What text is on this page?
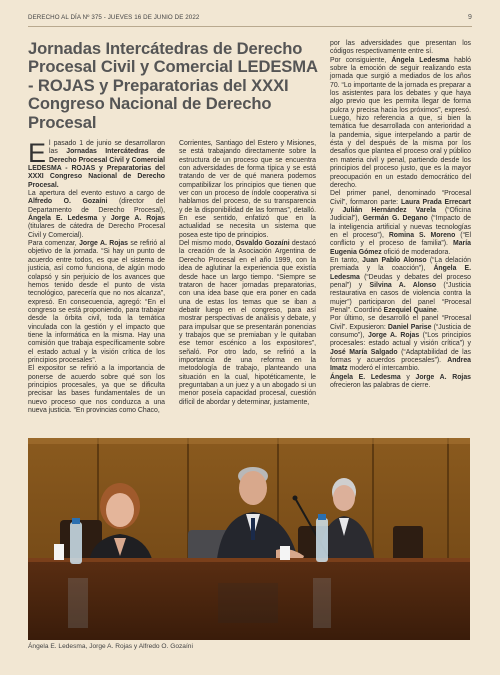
DERECHO AL DÍA Nº 375 - JUEVES 16 DE JUNIO DE 2022	9
Jornadas Intercátedras de Derecho Procesal Civil y Comercial LEDESMA - ROJAS y Preparatorias del XXXI Congreso Nacional de Derecho Procesal

El pasado 1 de junio se desarrollaron las Jornadas Intercátedras de Derecho Procesal Civil y Comercial LEDESMA - ROJAS y Preparatorias del XXXI Congreso Nacional de Derecho Procesal.

La apertura del evento estuvo a cargo de Alfredo O. Gozaíni (director del Departamento de Derecho Procesal), Ángela E. Ledesma y Jorge A. Rojas (titulares de cátedra de Derecho Procesal Civil y Comercial).

Para comenzar, Jorge A. Rojas se refirió al objetivo de la jornada. “Si hay un punto de acuerdo entre todos, es que el sistema de justicia, así como funciona, de algún modo colapsó y sin perjuicio de los avances que hemos tenido desde el punto de vista tecnológico, parecería que no nos alcanza”, expresó. En consecuencia, agregó: “En el congreso se está proponiendo, para trabajar desde la órbita civil, toda la temática vinculada con la gestión y el impacto que tiene la informática en la misma. Hay una comisión que trabaja específicamente sobre el estado actual y la visión crítica de los principios procesales”.

El expositor se refirió a la importancia de ponerse de acuerdo sobre qué son los principios procesales, ya que se dificulta precisar las bases fundamentales de un nuevo proceso que nos conduzca a una nueva justicia. “En provincias como Chaco,

Corrientes, Santiago del Estero y Misiones, se está trabajando directamente sobre la estructura de un proceso que se encuentra con adversidades de forma típica y se está tratando de ver de qué manera podemos compatibilizar los principios que tienen que ver con un proceso de índole cooperativa si hablamos del proceso, de su transparencia y de la disponibilidad de las formas”, detalló. En ese sentido, enfatizó que en la actualidad se necesita un sistema que posea este tipo de principios.

Del mismo modo, Osvaldo Gozaíni destacó la creación de la Asociación Argentina de Derecho Procesal en el año 1999, con la idea de aglutinar la experiencia que existía desde hace un largo tiempo. “Siempre se trataron de hacer jornadas preparatorias, con una idea base que era poner en cada una de estas los temas que se iban a debatir luego en el congreso, para así mostrar perspectivas de análisis y debate, y para impulsar que se presentarán ponencias y trabajos que se premiaban y le quitaban ese temor escénico a los expositores”, señaló. Por otro lado, se refirió a la importancia de una reforma en la metodología de trabajo, planteando una situación en la cual, hipotéticamente, le preguntaban a un juez y a un abogado si un menor poseía capacidad procesal, cuestión difícil de abordar y determinar, justamente,

por las adversidades que presentan los códigos respectivamente entre sí.

Por consiguiente, Ángela Ledesma habló sobre la emoción de seguir realizando esta jornada que surgió a mediados de los años 70. “Lo importante de la jornada es preparar a los asistentes para los debates y que haya algo previo que les permita llegar de forma pulcra y precisa hacia los próximos”, expresó. Luego, hizo referencia a que, si bien la temática fue desarrollada con anterioridad a la pandemia, sigue interpelando a partir de ésta y del después de la misma por los desafíos que plantea el proceso oral y público en materia civil y penal, partiendo desde los principios del proceso justo, que es la mayor preocupación en un estado democrático del derecho.

Del primer panel, denominado “Procesal Civil”, formaron parte: Laura Prada Errecart y Julián Hernández Varela (“Oficina Judicial”), Germán G. Degano (“Impacto de la inteligencia artificial y nuevas tecnologías en el proceso”), Romina S. Moreno (“El conflicto y el proceso de familia”). María Eugenia Gómez ofició de moderadora.

En tanto, Juan Pablo Alonso (“La delación premiada y la coacción”), Ángela E. Ledesma (“Deudas y debates del proceso penal”) y Silvina A. Alonso (“Justicia restaurativa en casos de violencia contra la mujer”) participaron del panel “Procesal Penal”. Coordinó Ezequiel Quaine.

Por último, se desarrolló el panel “Procesal Civil”. Expusieron: Daniel Parise (“Justicia de consumo”), Jorge A. Rojas (“Los principios procesales: estado actual y visión crítica”) y José María Salgado (“Adaptabilidad de las formas y acuerdos procesales”). Andrea Imatz moderó el intercambio.

Ángela E. Ledesma y Jorge A. Rojas ofrecieron las palabras de cierre.

Ángela E. Ledesma, Jorge A. Rojas y Alfredo O. Gozaíni
